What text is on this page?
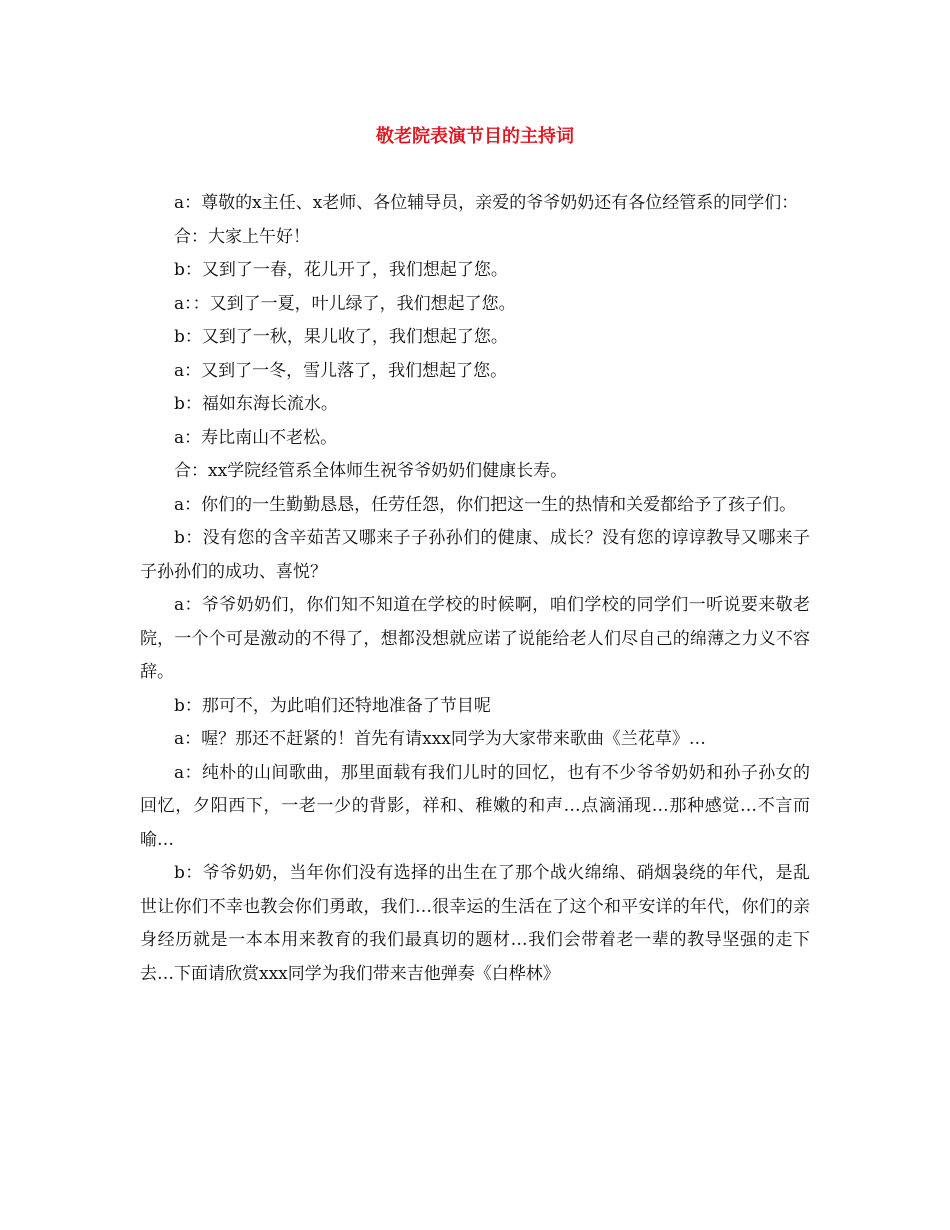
敬老院表演节目的主持词

a：尊敬的x主任、x老师、各位辅导员，亲爱的爷爷奶奶还有各位经管系的同学们：

合：大家上午好！

b：又到了一春，花儿开了，我们想起了您。

a：：又到了一夏，叶儿绿了，我们想起了您。

b：又到了一秋，果儿收了，我们想起了您。

a：又到了一冬，雪儿落了，我们想起了您。

b：福如东海长流水。

a：寿比南山不老松。

合：xx学院经管系全体师生祝爷爷奶奶们健康长寿。

a：你们的一生勤勤恳恳，任劳任怨，你们把这一生的热情和关爱都给予了孩子们。

b：没有您的含辛茹苦又哪来子子孙孙们的健康、成长？没有您的谆谆教导又哪来子子孙孙们的成功、喜悦？

a：爷爷奶奶们，你们知不知道在学校的时候啊，咱们学校的同学们一听说要来敬老院，一个个可是激动的不得了，想都没想就应诺了说能给老人们尽自己的绵薄之力义不容辞。

b：那可不，为此咱们还特地准备了节目呢

a：喔？那还不赶紧的！首先有请xxx同学为大家带来歌曲《兰花草》…

a：纯朴的山间歌曲，那里面载有我们儿时的回忆，也有不少爷爷奶奶和孙子孙女的回忆，夕阳西下，一老一少的背影，祥和、稚嫩的和声…点滴涌现…那种感觉…不言而喻…

b：爷爷奶奶，当年你们没有选择的出生在了那个战火绵绵、硝烟袅绕的年代，是乱世让你们不幸也教会你们勇敢，我们…很幸运的生活在了这个和平安详的年代，你们的亲身经历就是一本本用来教育的我们最真切的题材…我们会带着老一辈的教导坚强的走下去…下面请欣赏xxx同学为我们带来吉他弹奏《白桦林》
